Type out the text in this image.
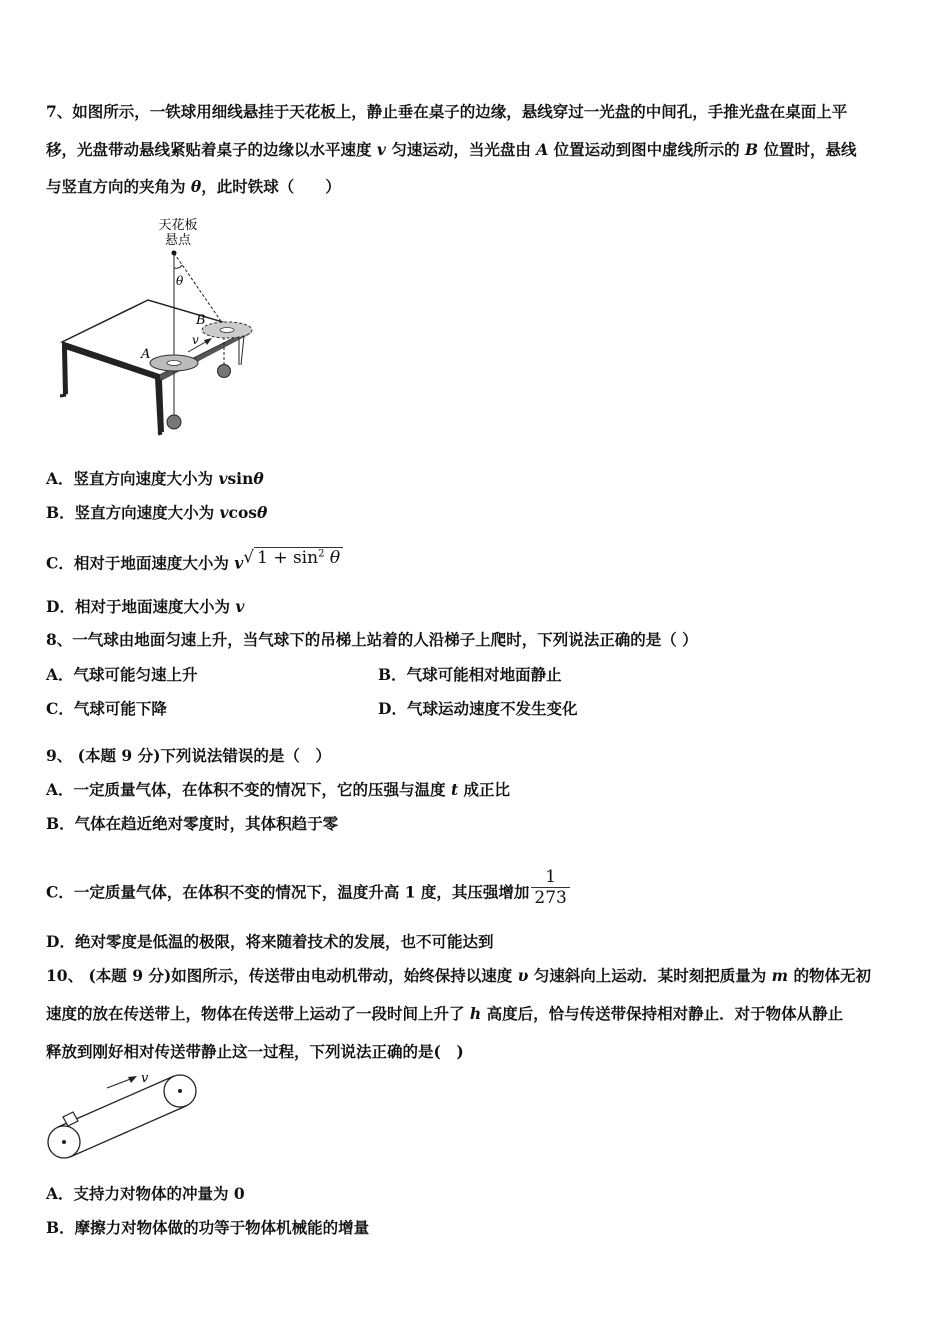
7、如图所示，一铁球用细线悬挂于天花板上，静止垂在桌子的边缘，悬线穿过一光盘的中间孔，手推光盘在桌面上平
移，光盘带动悬线紧贴着桌子的边缘以水平速度 v 匀速运动，当光盘由 A 位置运动到图中虚线所示的 B 位置时，悬线
与竖直方向的夹角为 θ，此时铁球（　　）
天花板
悬点
θ
A
B
v
A．竖直方向速度大小为 vsinθ
B．竖直方向速度大小为 vcosθ
C．相对于地面速度大小为 v√ $1 + \sin^2 \theta$
D．相对于地面速度大小为 v
8、一气球由地面匀速上升，当气球下的吊梯上站着的人沿梯子上爬时，下列说法正确的是（ ）
A．气球可能匀速上升	B．气球可能相对地面静止
C．气球可能下降	D．气球运动速度不发生变化
9、 (本题 9 分)下列说法错误的是（　）
A．一定质量气体，在体积不变的情况下，它的压强与温度 t 成正比
B．气体在趋近绝对零度时，其体积趋于零
C．一定质量气体，在体积不变的情况下，温度升高 1 度，其压强增加 $\frac{1}{273}$
D．绝对零度是低温的极限，将来随着技术的发展，也不可能达到
10、 (本题 9 分)如图所示，传送带由电动机带动，始终保持以速度 υ 匀速斜向上运动．某时刻把质量为 m 的物体无初
速度的放在传送带上，物体在传送带上运动了一段时间上升了 h 高度后，恰与传送带保持相对静止．对于物体从静止
释放到刚好相对传送带静止这一过程，下列说法正确的是(　)
v
A．支持力对物体的冲量为 0
B．摩擦力对物体做的功等于物体机械能的增量
